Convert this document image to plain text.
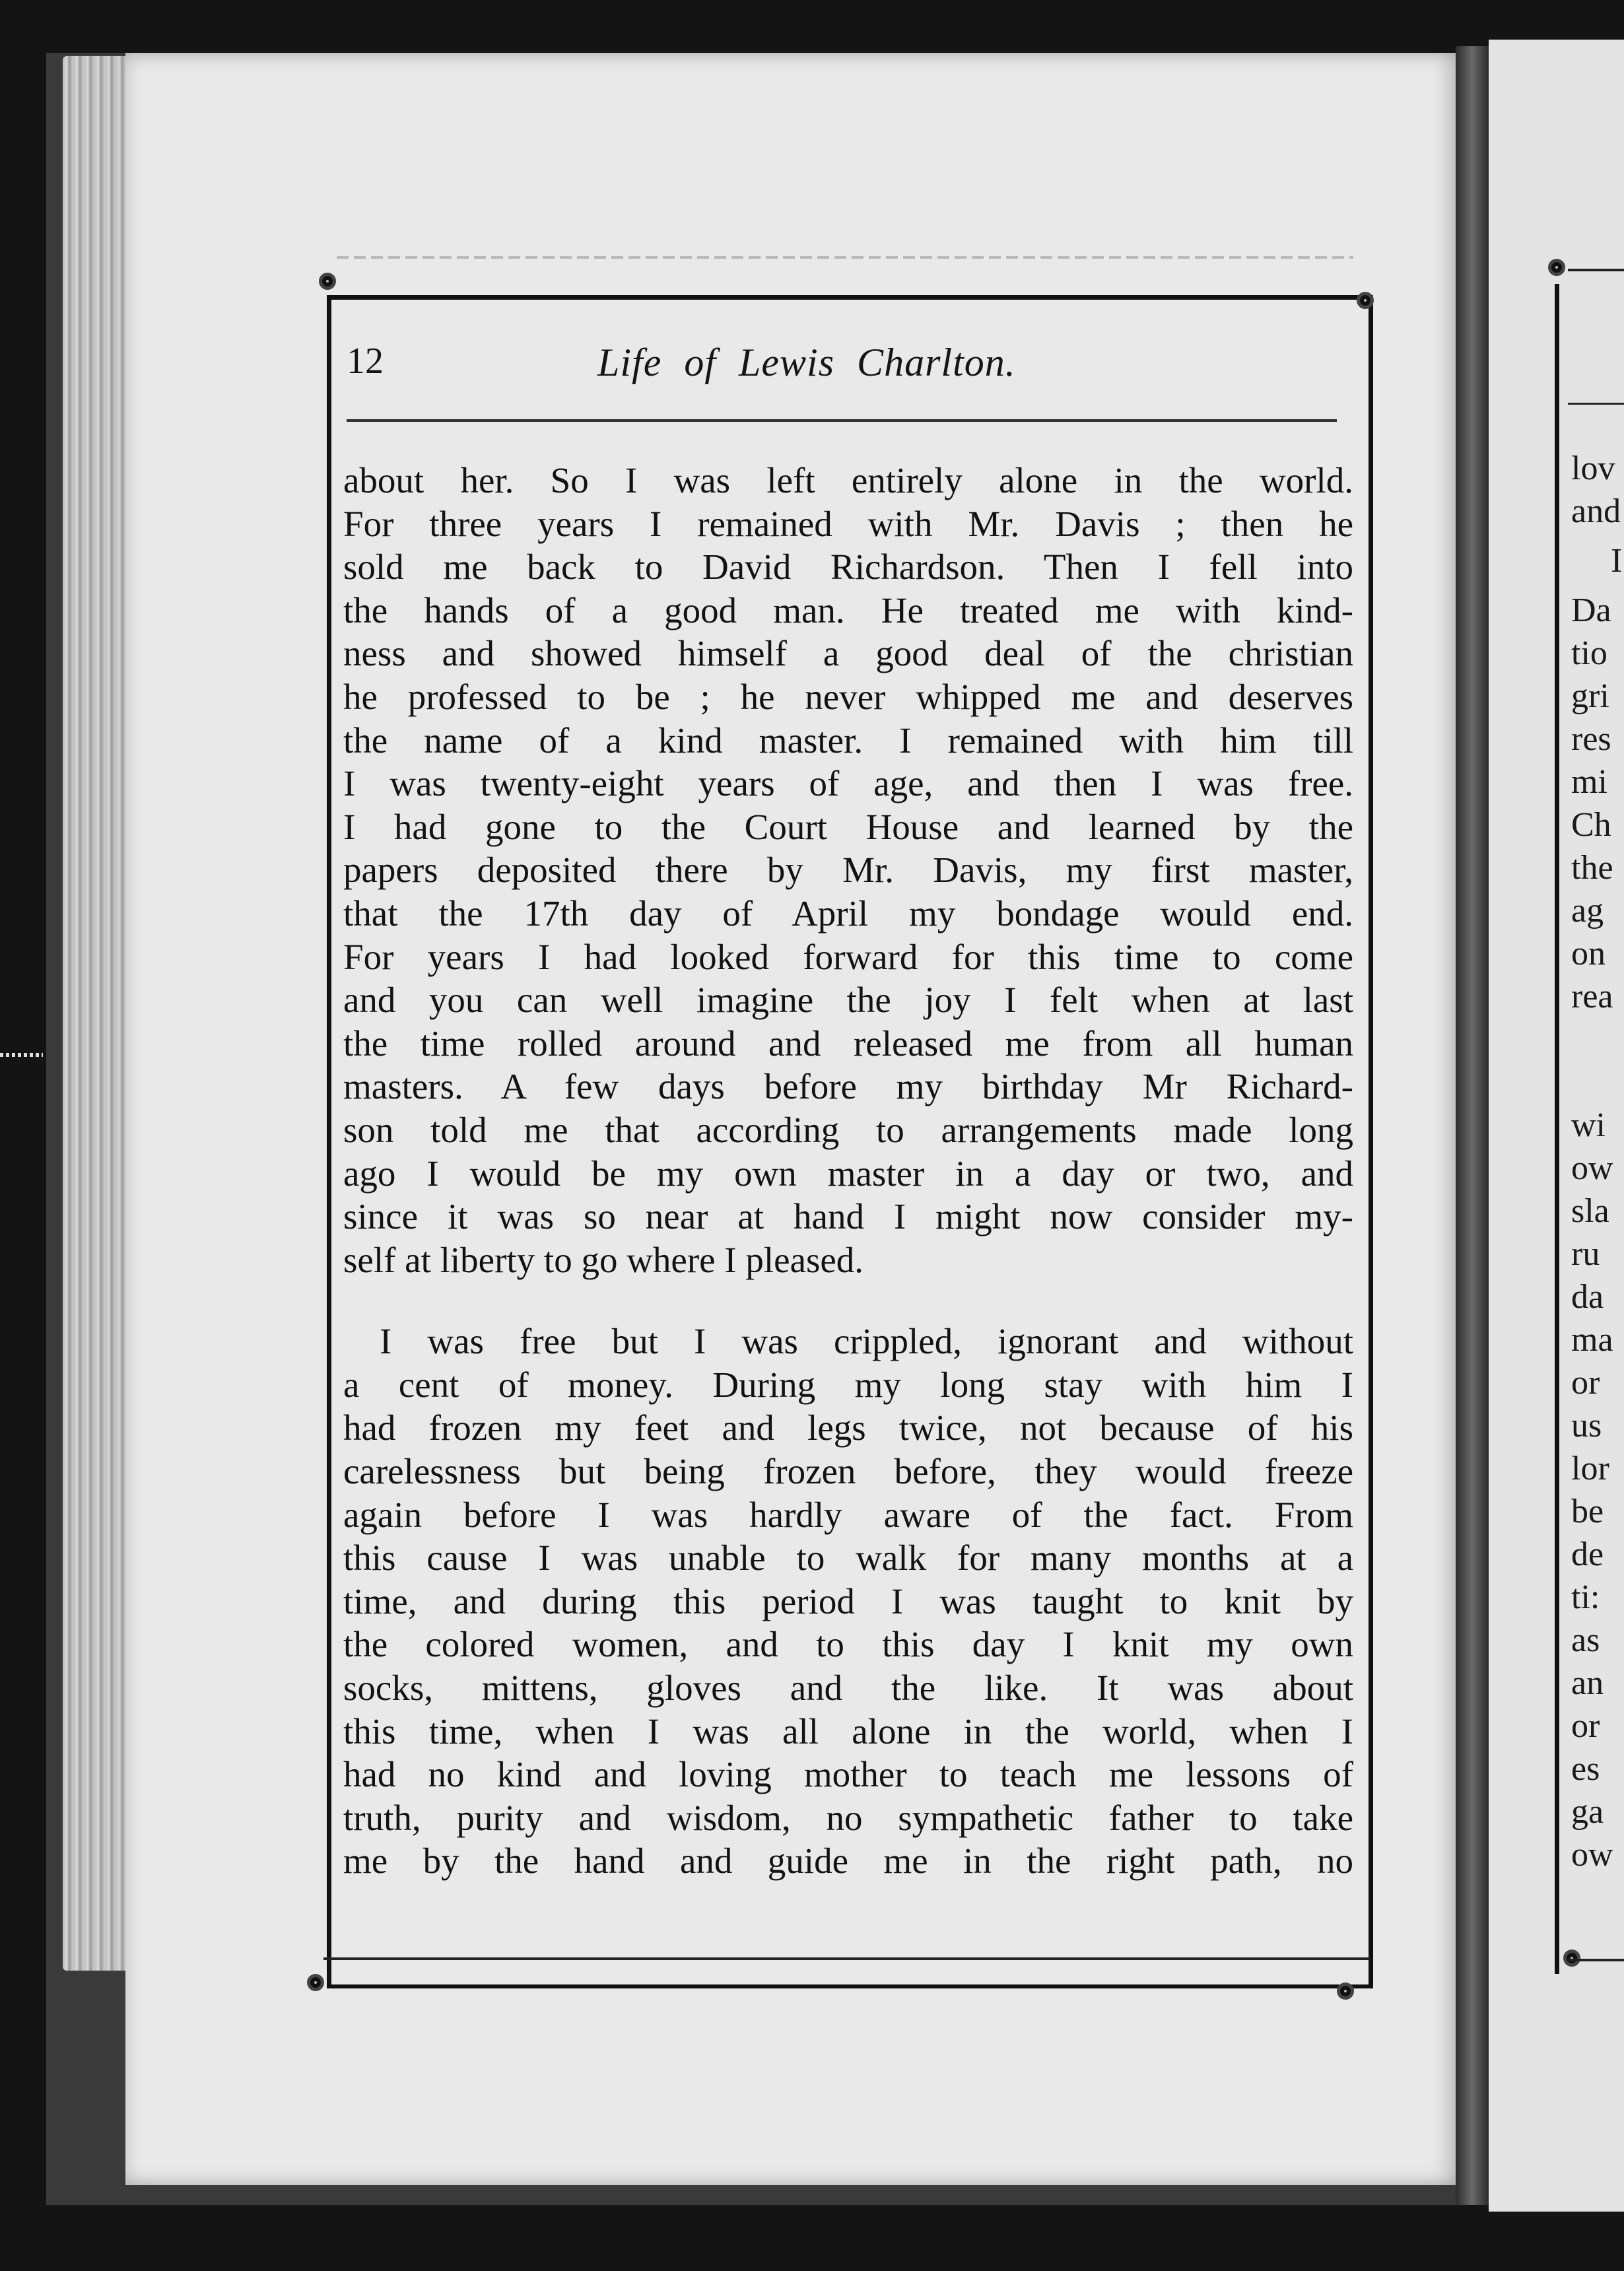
12	Life of Lewis Charlton.
about her. So I was left entirely alone in the world.
For three years I remained with Mr. Davis ; then he
sold me back to David Richardson. Then I fell into
the hands of a good man. He treated me with kind-
ness and showed himself a good deal of the christian
he professed to be ; he never whipped me and deserves
the name of a kind master. I remained with him till
I was twenty-eight years of age, and then I was free.
I had gone to the Court House and learned by the
papers deposited there by Mr. Davis, my first master,
that the 17th day of April my bondage would end.
For years I had looked forward for this time to come
and you can well imagine the joy I felt when at last
the time rolled around and released me from all human
masters. A few days before my birthday Mr Richard-
son told me that according to arrangements made long
ago I would be my own master in a day or two, and
since it was so near at hand I might now consider my-
self at liberty to go where I pleased.
I was free but I was crippled, ignorant and without
a cent of money. During my long stay with him I
had frozen my feet and legs twice, not because of his
carelessness but being frozen before, they would freeze
again before I was hardly aware of the fact. From
this cause I was unable to walk for many months at a
time, and during this period I was taught to knit by
the colored women, and to this day I knit my own
socks, mittens, gloves and the like. It was about
this time, when I was all alone in the world, when I
had no kind and loving mother to teach me lessons of
truth, purity and wisdom, no sympathetic father to take
me by the hand and guide me in the right path, no
lov
and
I
Da
tio
gri
res
mi
Ch
the
ag
on
rea
wi
ow
sla
ru
da
ma
or
us
lor
be
de
ti:
as
an
or
es
ga
ow
